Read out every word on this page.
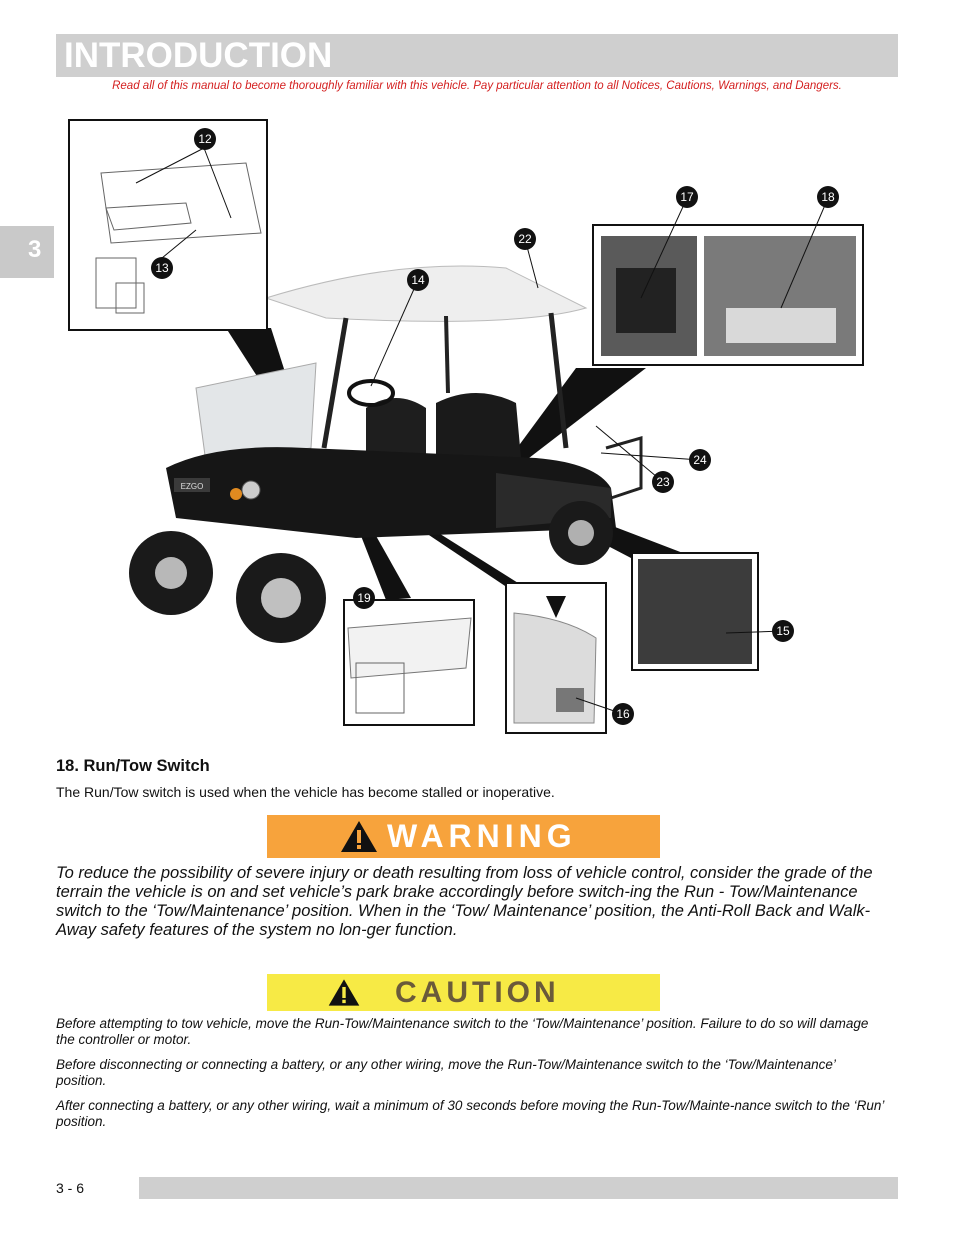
INTRODUCTION
Read all of this manual to become thoroughly familiar with this vehicle. Pay particular attention to all Notices, Cautions, Warnings, and Dangers.
3
EZGO
12
13
14
15
16
17	18
19
22
23
24
18. Run/Tow Switch
The Run/Tow switch is used when the vehicle has become stalled or inoperative.
WARNING
To reduce the possibility of severe injury or death resulting from loss of vehicle control, consider the grade of the terrain the vehicle is on and set vehicle’s park brake accordingly before switch-ing the Run - Tow/Maintenance switch to the ‘Tow/Maintenance’ position. When in the ‘Tow/ Maintenance’ position, the Anti-Roll Back and Walk-Away safety features of the system no lon-ger function.
CAUTION
Before attempting to tow vehicle, move the Run-Tow/Maintenance switch to the ‘Tow/Maintenance’ position. Failure to do so will damage the controller or motor.
Before disconnecting or connecting a battery, or any other wiring, move the Run-Tow/Maintenance switch to the ‘Tow/Maintenance’ position.
After connecting a battery, or any other wiring, wait a minimum of 30 seconds before moving the Run-Tow/Mainte-nance switch to the ‘Run’ position.
3 - 6
